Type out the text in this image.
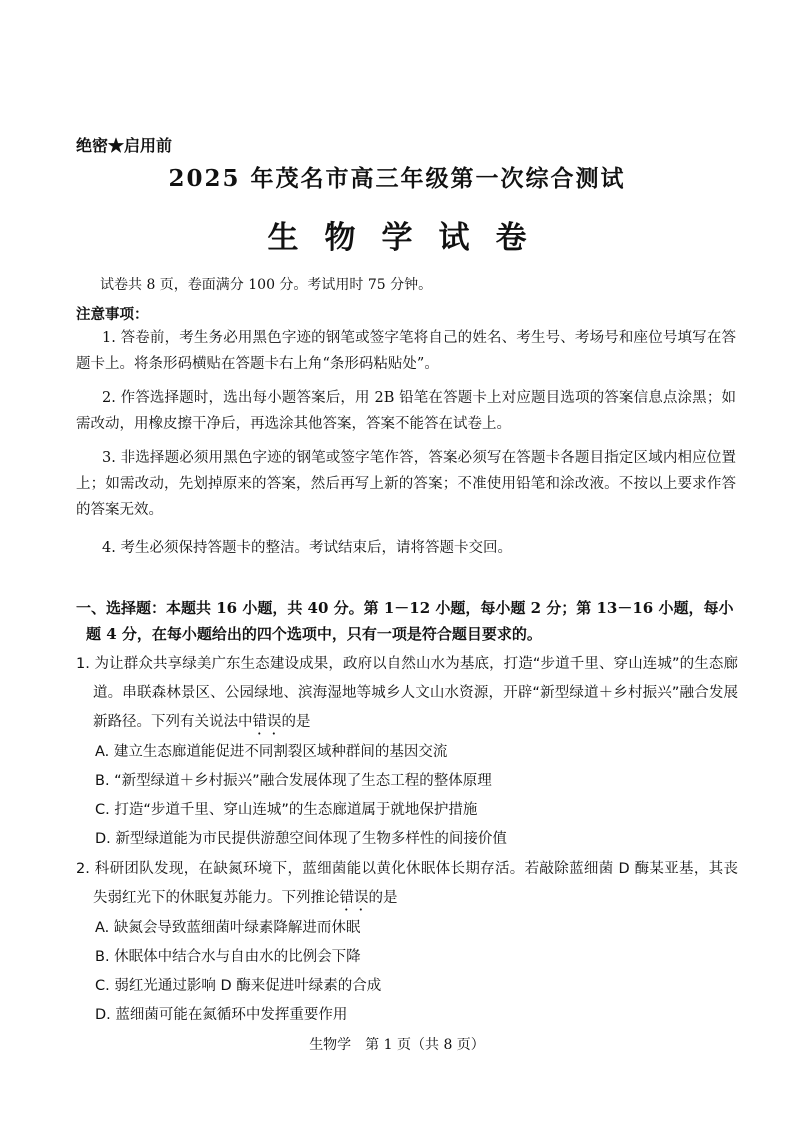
绝密★启用前
2025 年茂名市高三年级第一次综合测试
生物学试卷
试卷共 8 页，卷面满分 100 分。考试用时 75 分钟。
注意事项：
1. 答卷前，考生务必用黑色字迹的钢笔或签字笔将自己的姓名、考生号、考场号和座位号填写在答题卡上。将条形码横贴在答题卡右上角“条形码粘贴处”。
2. 作答选择题时，选出每小题答案后，用 2B 铅笔在答题卡上对应题目选项的答案信息点涂黑；如需改动，用橡皮擦干净后，再选涂其他答案，答案不能答在试卷上。
3. 非选择题必须用黑色字迹的钢笔或签字笔作答，答案必须写在答题卡各题目指定区域内相应位置上；如需改动，先划掉原来的答案，然后再写上新的答案；不准使用铅笔和涂改液。不按以上要求作答的答案无效。
4. 考生必须保持答题卡的整洁。考试结束后，请将答题卡交回。
一、选择题：本题共 16 小题，共 40 分。第 1－12 小题，每小题 2 分；第 13－16 小题，每小题 4 分，在每小题给出的四个选项中，只有一项是符合题目要求的。
1. 为让群众共享绿美广东生态建设成果，政府以自然山水为基底，打造“步道千里、穿山连城”的生态廊道。串联森林景区、公园绿地、滨海湿地等城乡人文山水资源，开辟“新型绿道＋乡村振兴”融合发展新路径。下列有关说法中错误的是
A. 建立生态廊道能促进不同割裂区域种群间的基因交流
B. “新型绿道＋乡村振兴”融合发展体现了生态工程的整体原理
C. 打造“步道千里、穿山连城”的生态廊道属于就地保护措施
D. 新型绿道能为市民提供游憩空间体现了生物多样性的间接价值
2. 科研团队发现，在缺氮环境下，蓝细菌能以黄化休眠体长期存活。若敲除蓝细菌 D 酶某亚基，其丧失弱红光下的休眠复苏能力。下列推论错误的是
A. 缺氮会导致蓝细菌叶绿素降解进而休眠
B. 休眠体中结合水与自由水的比例会下降
C. 弱红光通过影响 D 酶来促进叶绿素的合成
D. 蓝细菌可能在氮循环中发挥重要作用
生物学　第 1 页（共 8 页）
